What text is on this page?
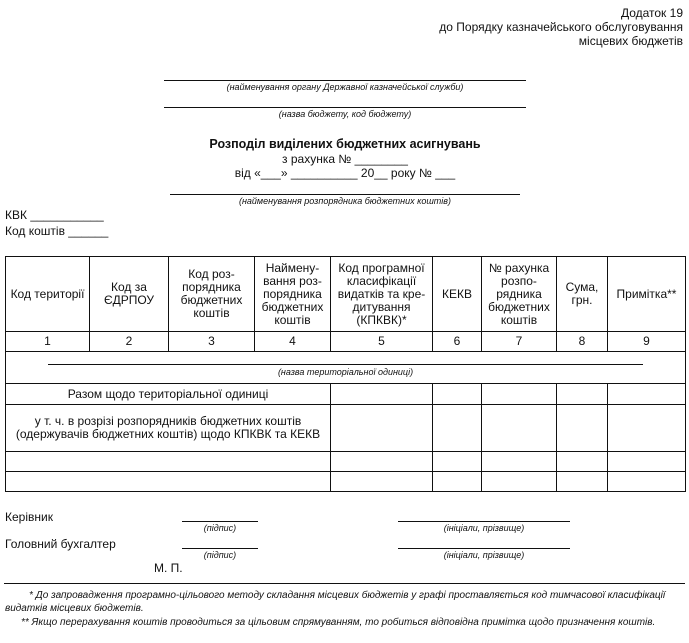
Додаток 19
до Порядку казначейського обслуговування
місцевих бюджетів
(найменування органу Державної казначейської служби)
(назва бюджету, код бюджету)
Розподіл виділених бюджетних асигнувань
з рахунка № ________
від «___» __________ 20__ року № ___
(найменування розпорядника бюджетних коштів)
КВК ___________
Код коштів ______
Код території	Код за ЄДРПОУ	Код роз-порядника бюджетних коштів	Наймену-вання роз-порядника бюджетних коштів	Код програмної класифікації видатків та кре-дитування (КПКВК)*	КЕКВ	№ рахунка розпо-рядника бюджетних коштів	Сума, грн.	Примітка**
1	2	3	4	5	6	7	8	9

(назва територіальної одиниці)								

Разом щодо територіальної одиниці								
у т. ч. в розрізі розпорядників бюджетних коштів (одержувачів бюджетних коштів) щодо КПКВК та КЕКВ								

Керівник
(підпис)	(ініціали, прізвище)
Головний бухгалтер
(підпис)	(ініціали, прізвище)
М. П.
* До запровадження програмно-цільового методу складання місцевих бюджетів у графі проставляється код тимчасової класифікації видатків місцевих бюджетів.
** Якщо перерахування коштів проводиться за цільовим спрямуванням, то робиться відповідна примітка щодо призначення коштів.
